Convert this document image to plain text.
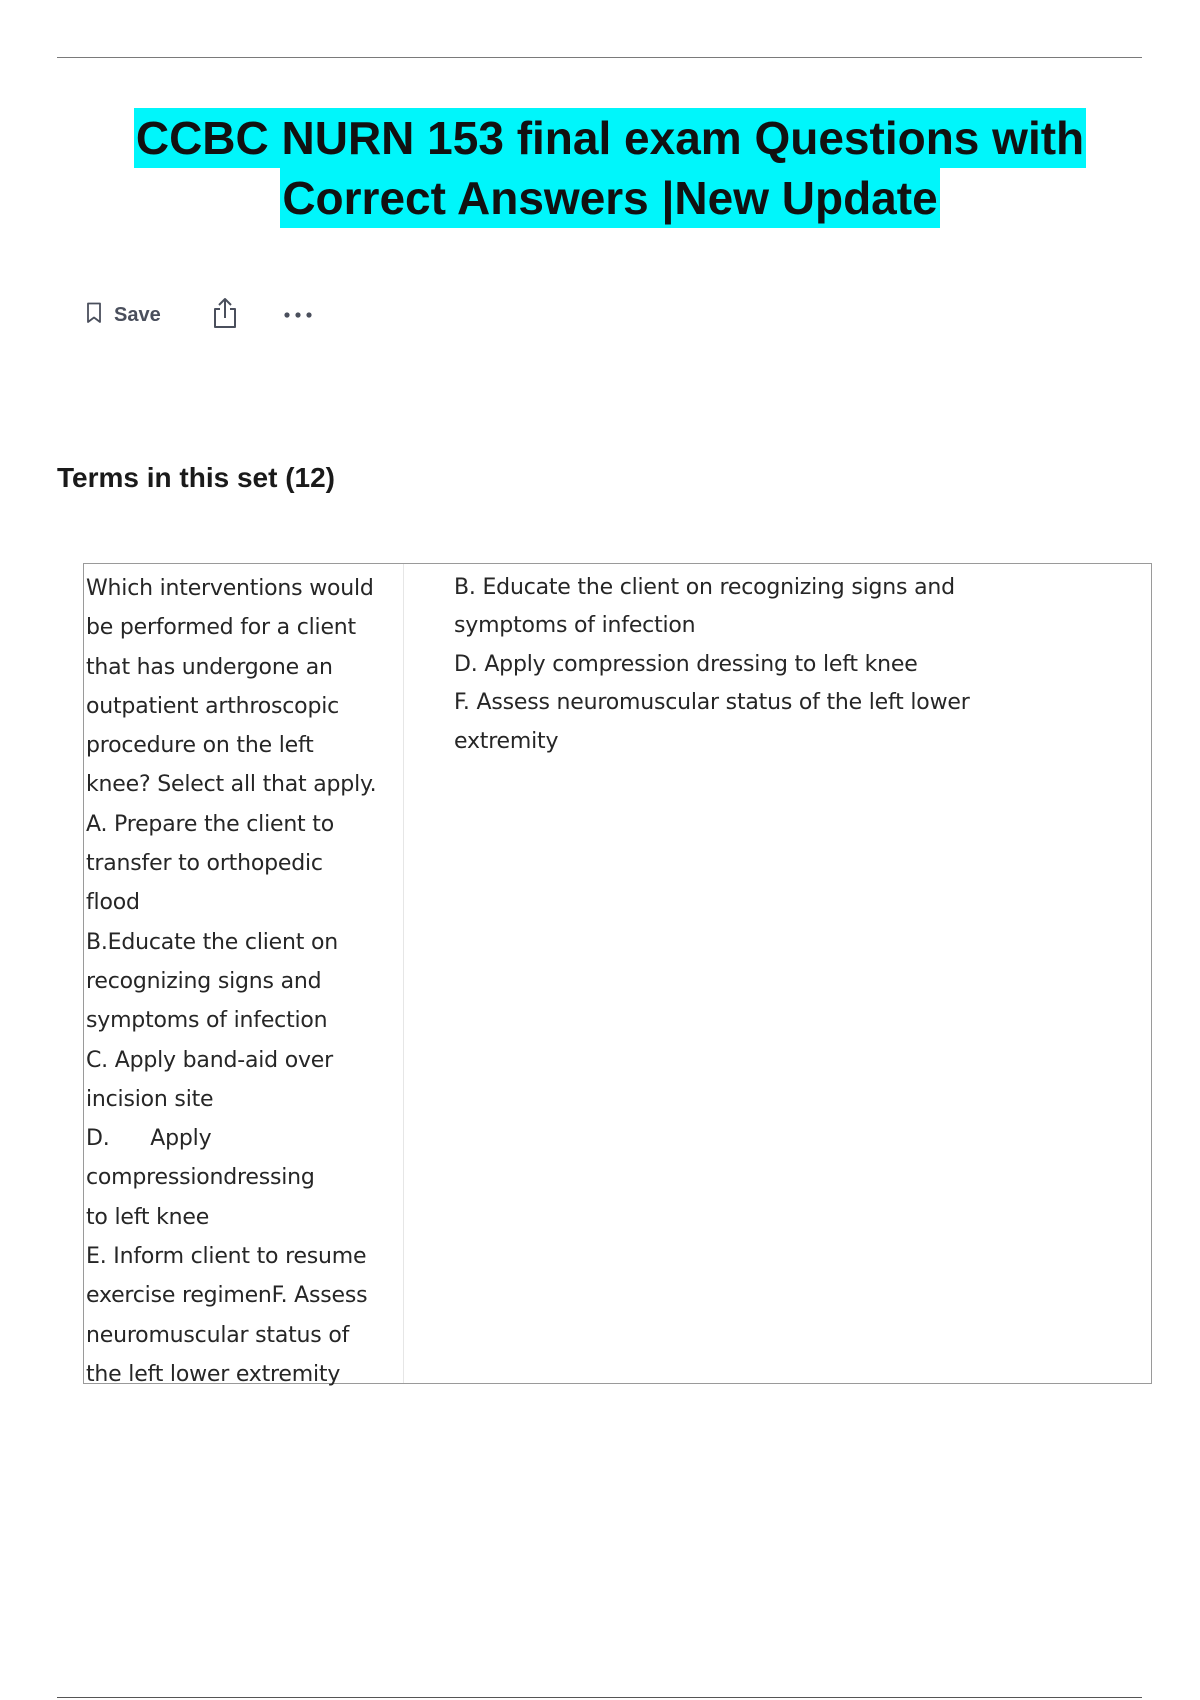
CCBC NURN 153 final exam Questions with
Correct Answers |New Update
Save
Terms in this set (12)
Which interventions would
be performed for a client
that has undergone an
outpatient arthroscopic
procedure on the left
knee? Select all that apply.
A. Prepare the client to
transfer to orthopedic
flood
B.Educate the client on
recognizing signs and
symptoms of infection
C. Apply band-aid over
incision site
D.      Apply
compressiondressing
to left knee
E. Inform client to resume
exercise regimenF. Assess
neuromuscular status of
the left lower extremity
B. Educate the client on recognizing signs and
symptoms of infection
D. Apply compression dressing to left knee
F. Assess neuromuscular status of the left lower
extremity
